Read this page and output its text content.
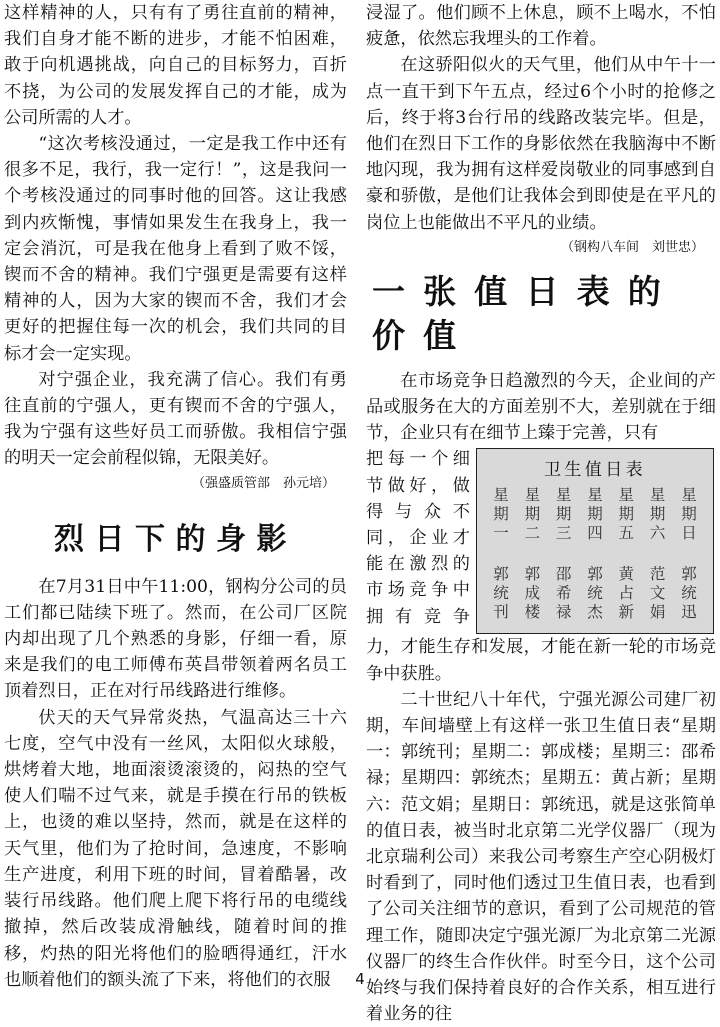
这样精神的人，只有有了勇往直前的精神，我们自身才能不断的进步，才能不怕困难，敢于向机遇挑战，向自己的目标努力，百折不挠，为公司的发展发挥自己的才能，成为公司所需的人才。

“这次考核没通过，一定是我工作中还有很多不足，我行，我一定行！”，这是我问一个考核没通过的同事时他的回答。这让我感到内疚惭愧，事情如果发生在我身上，我一定会消沉，可是我在他身上看到了败不馁，锲而不舍的精神。我们宁强更是需要有这样精神的人，因为大家的锲而不舍，我们才会更好的把握住每一次的机会，我们共同的目标才会一定实现。

对宁强企业，我充满了信心。我们有勇往直前的宁强人，更有锲而不舍的宁强人，我为宁强有这些好员工而骄傲。我相信宁强的明天一定会前程似锦，无限美好。

（强盛质管部　孙元培）

烈日下的身影

在7月31日中午11:00，钢构分公司的员工们都已陆续下班了。然而，在公司厂区院内却出现了几个熟悉的身影，仔细一看，原来是我们的电工师傅布英昌带领着两名员工顶着烈日，正在对行吊线路进行维修。

伏天的天气异常炎热，气温高达三十六七度，空气中没有一丝风，太阳似火球般，烘烤着大地，地面滚烫滚烫的，闷热的空气使人们喘不过气来，就是手摸在行吊的铁板上，也烫的难以坚持，然而，就是在这样的天气里，他们为了抢时间，急速度，不影响生产进度，利用下班的时间，冒着酷暑，改装行吊线路。他们爬上爬下将行吊的电缆线撤掉，然后改装成滑触线，随着时间的推移，灼热的阳光将他们的脸晒得通红，汗水也顺着他们的额头流了下来，将他们的衣服

浸湿了。他们顾不上休息，顾不上喝水，不怕疲惫，依然忘我埋头的工作着。

在这骄阳似火的天气里，他们从中午十一点一直干到下午五点，经过6个小时的抢修之后，终于将3台行吊的线路改装完毕。但是，他们在烈日下工作的身影依然在我脑海中不断地闪现，我为拥有这样爱岗敬业的同事感到自豪和骄傲，是他们让我体会到即使是在平凡的岗位上也能做出不平凡的业绩。

（钢构八车间　刘世忠）

一张值日表的价值

在市场竞争日趋激烈的今天，企业间的产品或服务在大的方面差别不大，差别就在于细节，企业只有在细节上臻于完善，只有

把每一个细

节做好，做

得与众不

同，企业才

能在激烈的

市场竞争中

拥有竞争

卫生值日表
星期一
星期二
星期三
星期四
星期五
星期六
星期日
郭统刊
郭成楼
邵希禄
郭统杰
黄占新
范文娟
郭统迅

力，才能生存和发展，才能在新一轮的市场竞争中获胜。

二十世纪八十年代，宁强光源公司建厂初期，车间墙壁上有这样一张卫生值日表“星期一：郭统刊；星期二：郭成楼；星期三：邵希禄；星期四：郭统杰；星期五：黄占新；星期六：范文娟；星期日：郭统迅，就是这张简单的值日表，被当时北京第二光学仪器厂（现为北京瑞利公司）来我公司考察生产空心阴极灯时看到了，同时他们透过卫生值日表，也看到了公司关注细节的意识，看到了公司规范的管理工作，随即决定宁强光源厂为北京第二光源仪器厂的终生合作伙伴。时至今日，这个公司始终与我们保持着良好的合作关系，相互进行着业务的往

4
